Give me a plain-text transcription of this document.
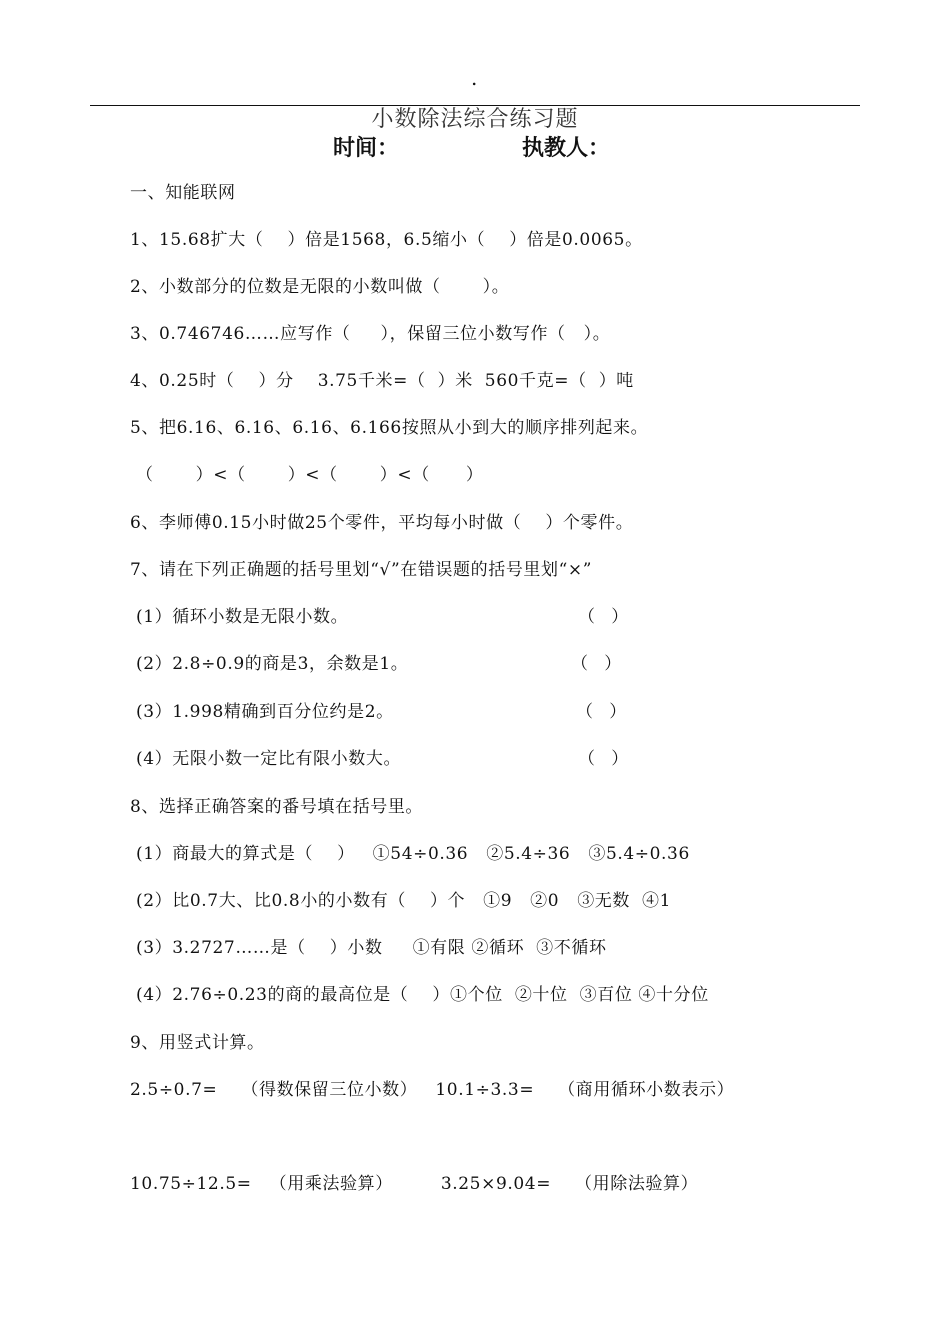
.
小数除法综合练习题
时间：	执教人：
一、知能联网
1、15.68扩大（    ）倍是1568，6.5缩小（    ）倍是0.0065。
2、小数部分的位数是无限的小数叫做（       ）。
3、0.746746……应写作（     ），保留三位小数写作（   ）。
4、0.25时（    ）分    3.75千米=（  ）米  560千克=（  ）吨
5、把6.16、6.16、6.16、6.166按照从小到大的顺序排列起来。
（       ）<（       ）<（       ）<（      ）
6、李师傅0.15小时做25个零件，平均每小时做（    ）个零件。
7、请在下列正确题的括号里划“√”在错误题的括号里划“×”
(1）循环小数是无限小数。	（   ）
(2）2.8÷0.9的商是3，余数是1。	（   ）
(3）1.998精确到百分位约是2。	（   ）
(4）无限小数一定比有限小数大。	（   ）
8、选择正确答案的番号填在括号里。
(1）商最大的算式是（    ）   ①54÷0.36   ②5.4÷36   ③5.4÷0.36
(2）比0.7大、比0.8小的小数有（    ）个   ①9   ②0   ③无数  ④1
(3）3.2727……是（    ）小数     ①有限 ②循环  ③不循环
(4）2.76÷0.23的商的最高位是（    ）①个位  ②十位  ③百位 ④十分位
9、用竖式计算。
2.5÷0.7=    （得数保留三位小数）   10.1÷3.3=    （商用循环小数表示）
10.75÷12.5=   （用乘法验算）        3.25×9.04=    （用除法验算）
